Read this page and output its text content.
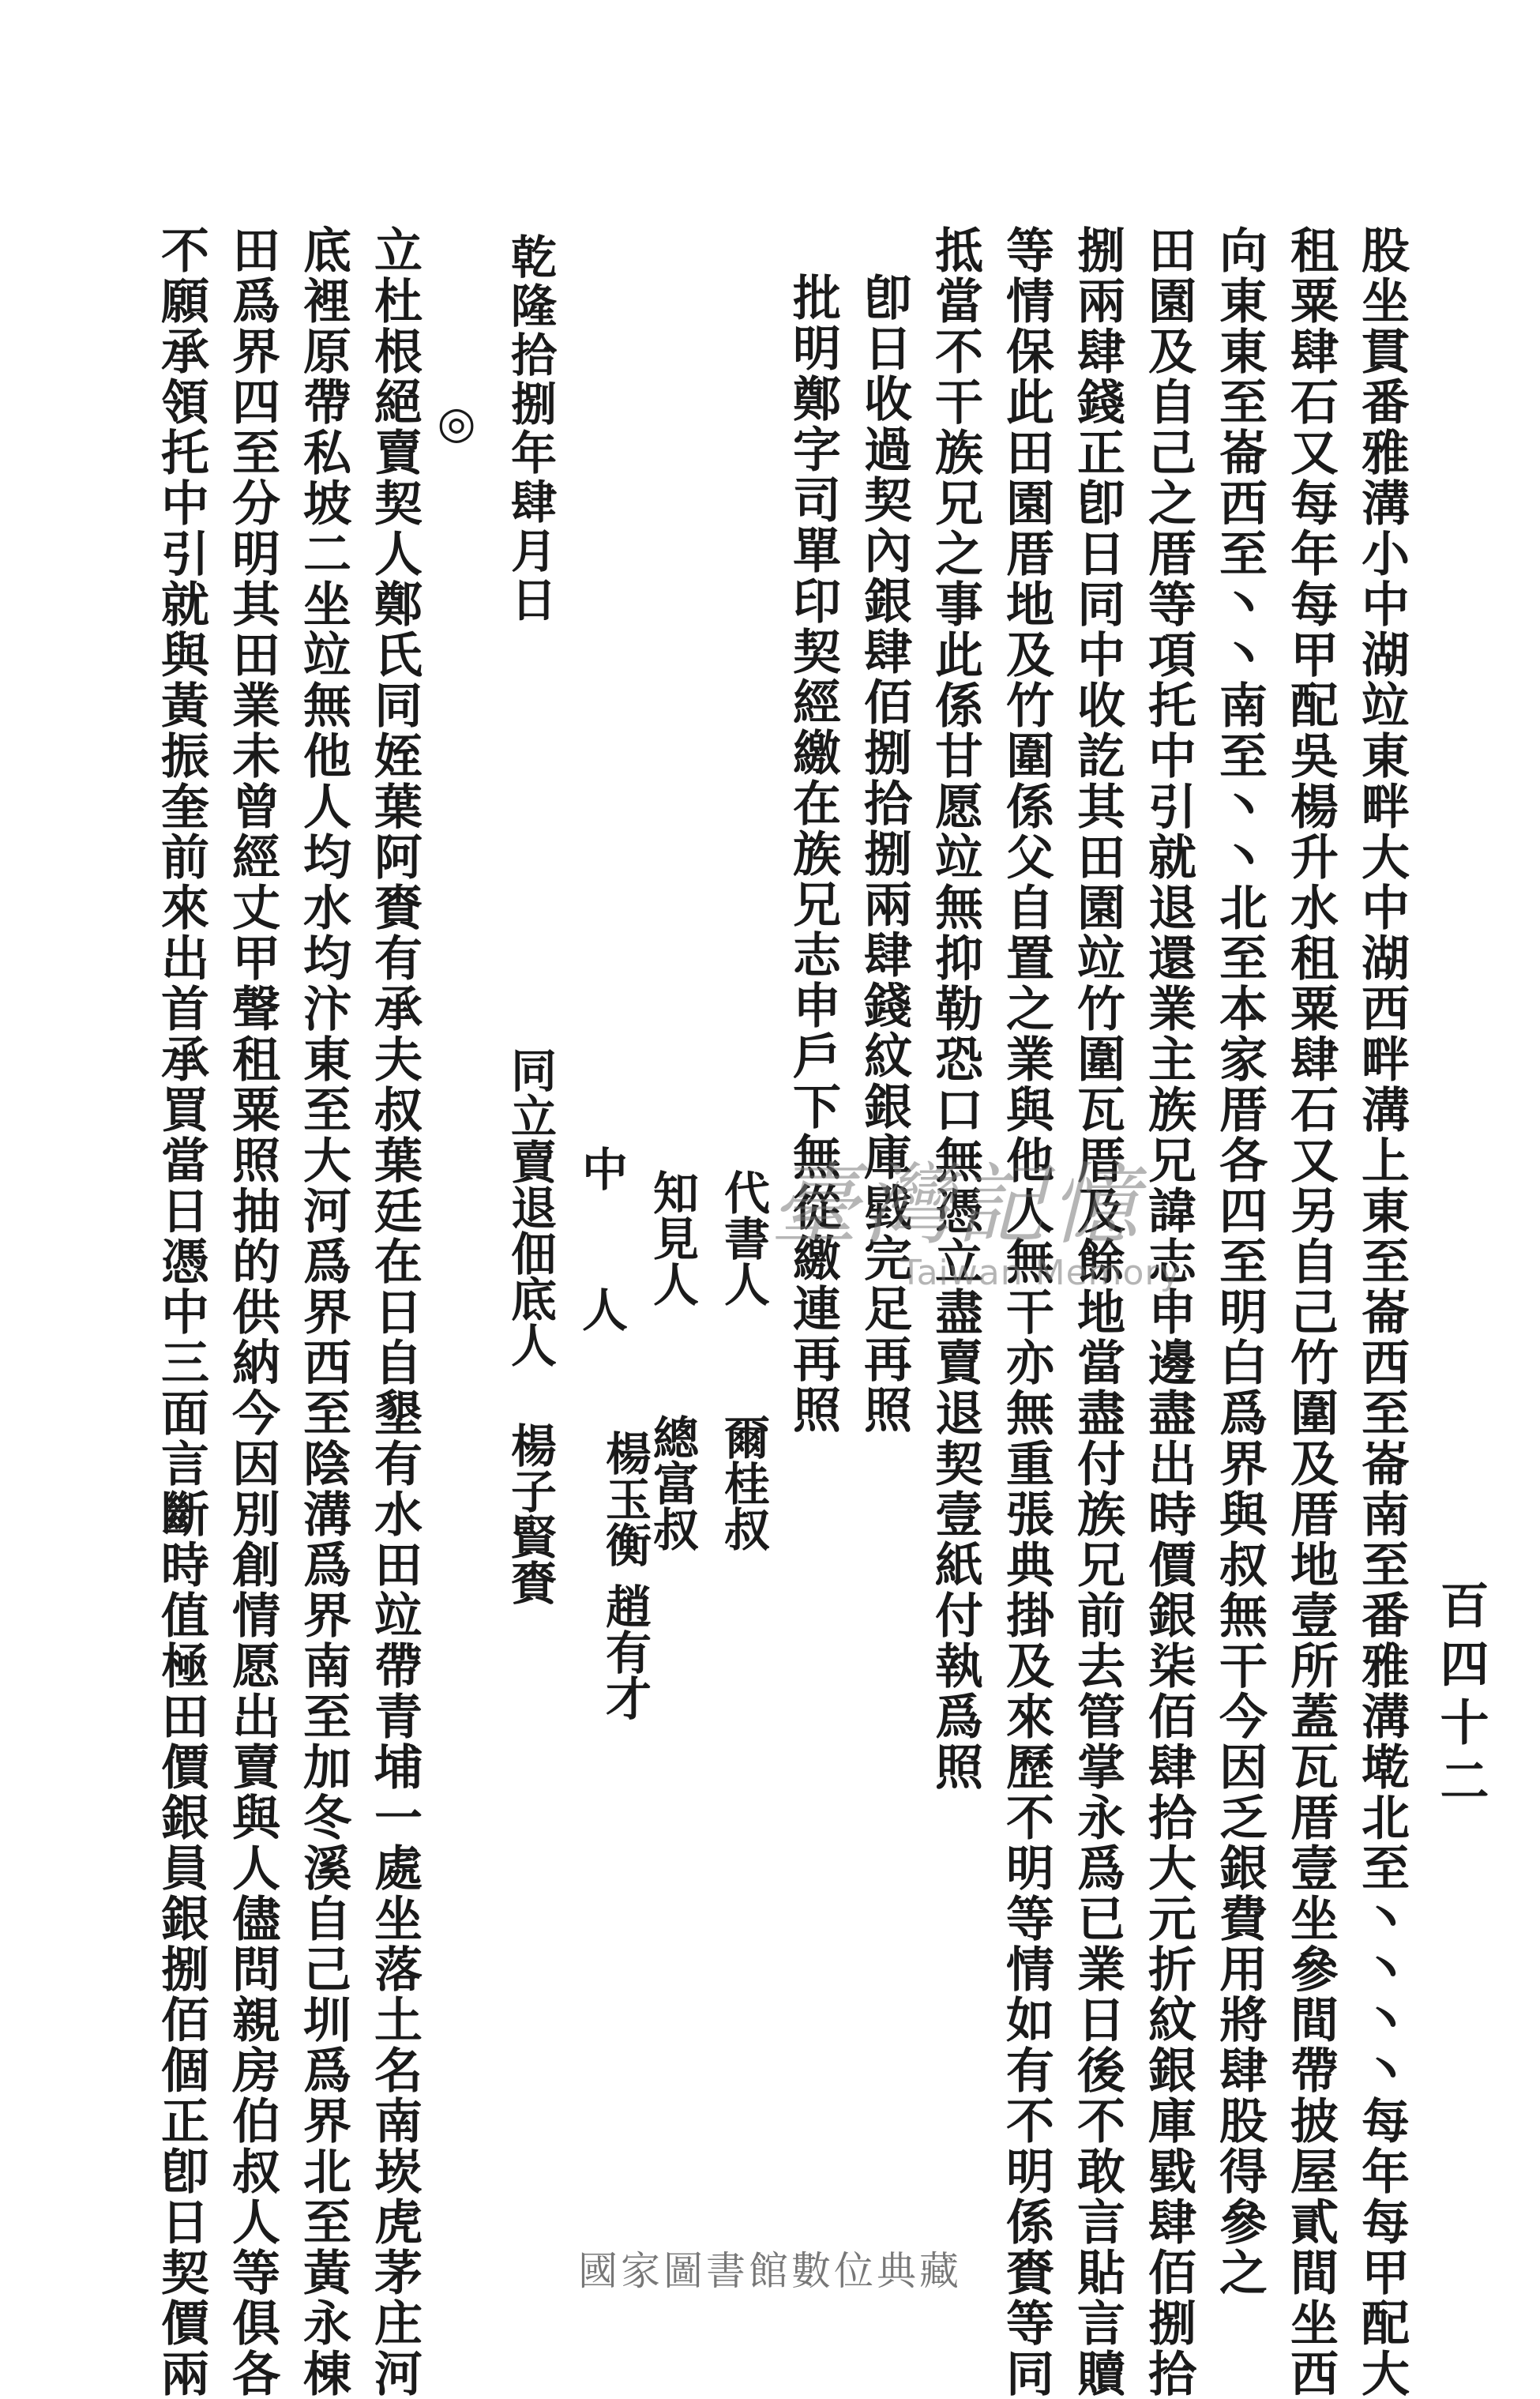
百四十二
股坐貫番雅溝小中湖竝東畔大中湖西畔溝上東至崙西至崙南至番雅溝墘北至丶丶丶丶每年每甲配大
租粟肆石又每年每甲配吳楊升水租粟肆石又另自己竹圍及厝地壹所蓋瓦厝壹坐參間帶披屋貳間坐西
向東東至崙西至丶丶南至丶丶北至本家厝各四至明白爲界與叔無干今因乏銀費用將肆股得參之
田園及自己之厝等項托中引就退還業主族兄諱志申邊盡出時價銀柒佰肆拾大元折紋銀庫戥肆佰捌拾
捌兩肆錢正卽日同中收訖其田園竝竹圍瓦厝及餘地當盡付族兄前去管掌永爲已業日後不敢言貼言贖
等情保此田園厝地及竹圍係父自置之業與他人無干亦無重張典掛及來歷不明等情如有不明係賚等同
抵當不干族兄之事此係甘愿竝無抑勒恐口無憑立盡賣退契壹紙付執爲照
卽日收過契內銀肆佰捌拾捌兩肆錢紋銀庫戥完足再照
批明鄭字司單印契經繳在族兄志申戶下無從繳連再照
代書人
爾桂叔
知見人
總富叔
中人
楊玉衡 趙有才
同立賣退佃底人
楊子賢賚
乾隆拾捌年肆月日
◎
立杜根絕賣契人鄭氏同姪葉阿賚有承夫叔葉廷在日自墾有水田竝帶青埔一處坐落土名南崁虎茅庄河
底裡原帶私坡二坐竝無他人均水均汴東至大河爲界西至陰溝爲界南至加冬溪自己圳爲界北至黃永棟
田爲界四至分明其田業未曾經丈甲聲租粟照抽的供納今因別創情愿出賣與人儘問親房伯叔人等俱各
不願承領托中引就與黃振奎前來出首承買當日憑中三面言斷時值極田價銀員銀捌佰個正卽日契價兩	臺灣記憶
Taiwan Memory
國家圖書館數位典藏
